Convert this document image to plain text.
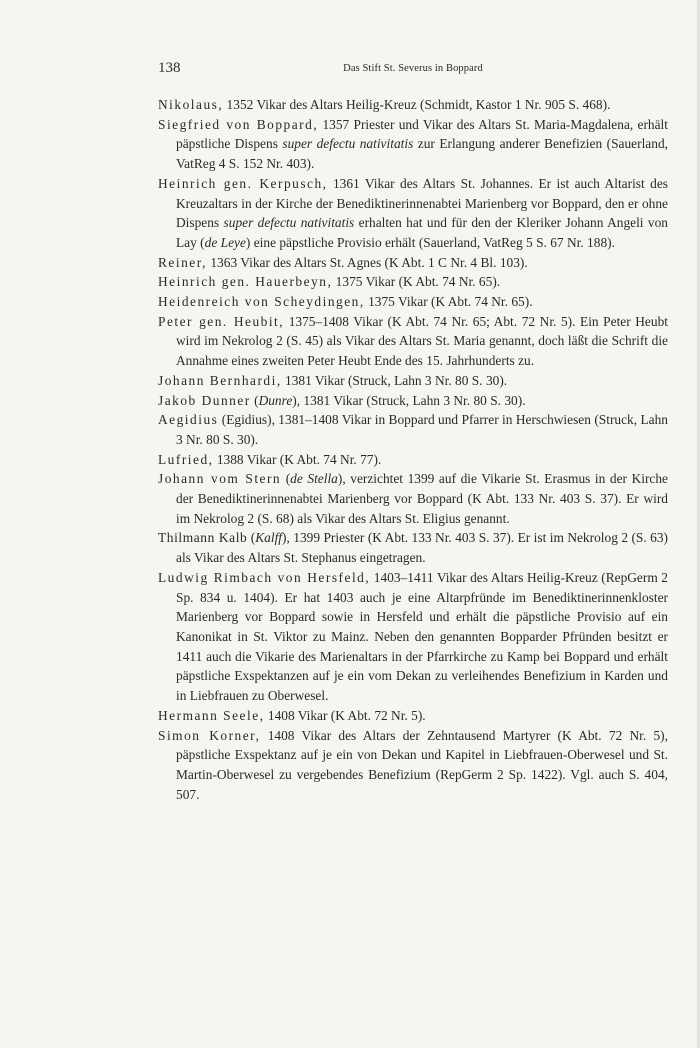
138	Das Stift St. Severus in Boppard

Nikolaus, 1352 Vikar des Altars Heilig-Kreuz (Schmidt, Kastor 1 Nr. 905 S. 468).

Siegfried von Boppard, 1357 Priester und Vikar des Altars St. Maria-Magdalena, erhält päpstliche Dispens super defectu nativitatis zur Erlangung anderer Benefizien (Sauerland, VatReg 4 S. 152 Nr. 403).

Heinrich gen. Kerpusch, 1361 Vikar des Altars St. Johannes. Er ist auch Altarist des Kreuzaltars in der Kirche der Benediktinerinnenabtei Marienberg vor Boppard, den er ohne Dispens super defectu nativitatis erhalten hat und für den der Kleriker Johann Angeli von Lay (de Leye) eine päpstliche Provisio erhält (Sauerland, VatReg 5 S. 67 Nr. 188).

Reiner, 1363 Vikar des Altars St. Agnes (K Abt. 1 C Nr. 4 Bl. 103).

Heinrich gen. Hauerbeyn, 1375 Vikar (K Abt. 74 Nr. 65).

Heidenreich von Scheydingen, 1375 Vikar (K Abt. 74 Nr. 65).

Peter gen. Heubit, 1375–1408 Vikar (K Abt. 74 Nr. 65; Abt. 72 Nr. 5). Ein Peter Heubt wird im Nekrolog 2 (S. 45) als Vikar des Altars St. Maria genannt, doch läßt die Schrift die Annahme eines zweiten Peter Heubt Ende des 15. Jahrhunderts zu.

Johann Bernhardi, 1381 Vikar (Struck, Lahn 3 Nr. 80 S. 30).

Jakob Dunner (Dunre), 1381 Vikar (Struck, Lahn 3 Nr. 80 S. 30).

Aegidius (Egidius), 1381–1408 Vikar in Boppard und Pfarrer in Herschwiesen (Struck, Lahn 3 Nr. 80 S. 30).

Lufried, 1388 Vikar (K Abt. 74 Nr. 77).

Johann vom Stern (de Stella), verzichtet 1399 auf die Vikarie St. Erasmus in der Kirche der Benediktinerinnenabtei Marienberg vor Boppard (K Abt. 133 Nr. 403 S. 37). Er wird im Nekrolog 2 (S. 68) als Vikar des Altars St. Eligius genannt.

Thilmann Kalb (Kalff), 1399 Priester (K Abt. 133 Nr. 403 S. 37). Er ist im Nekrolog 2 (S. 63) als Vikar des Altars St. Stephanus eingetragen.

Ludwig Rimbach von Hersfeld, 1403–1411 Vikar des Altars Heilig-Kreuz (RepGerm 2 Sp. 834 u. 1404). Er hat 1403 auch je eine Altarpfründe im Benediktinerinnenkloster Marienberg vor Boppard sowie in Hersfeld und erhält die päpstliche Provisio auf ein Kanonikat in St. Viktor zu Mainz. Neben den genannten Bopparder Pfründen besitzt er 1411 auch die Vikarie des Marienaltars in der Pfarrkirche zu Kamp bei Boppard und erhält päpstliche Exspektanzen auf je ein vom Dekan zu verleihendes Benefizium in Karden und in Liebfrauen zu Oberwesel.

Hermann Seele, 1408 Vikar (K Abt. 72 Nr. 5).

Simon Korner, 1408 Vikar des Altars der Zehntausend Martyrer (K Abt. 72 Nr. 5), päpstliche Exspektanz auf je ein von Dekan und Kapitel in Liebfrauen-Oberwesel und St. Martin-Oberwesel zu vergebendes Benefizium (RepGerm 2 Sp. 1422). Vgl. auch S. 404, 507.
